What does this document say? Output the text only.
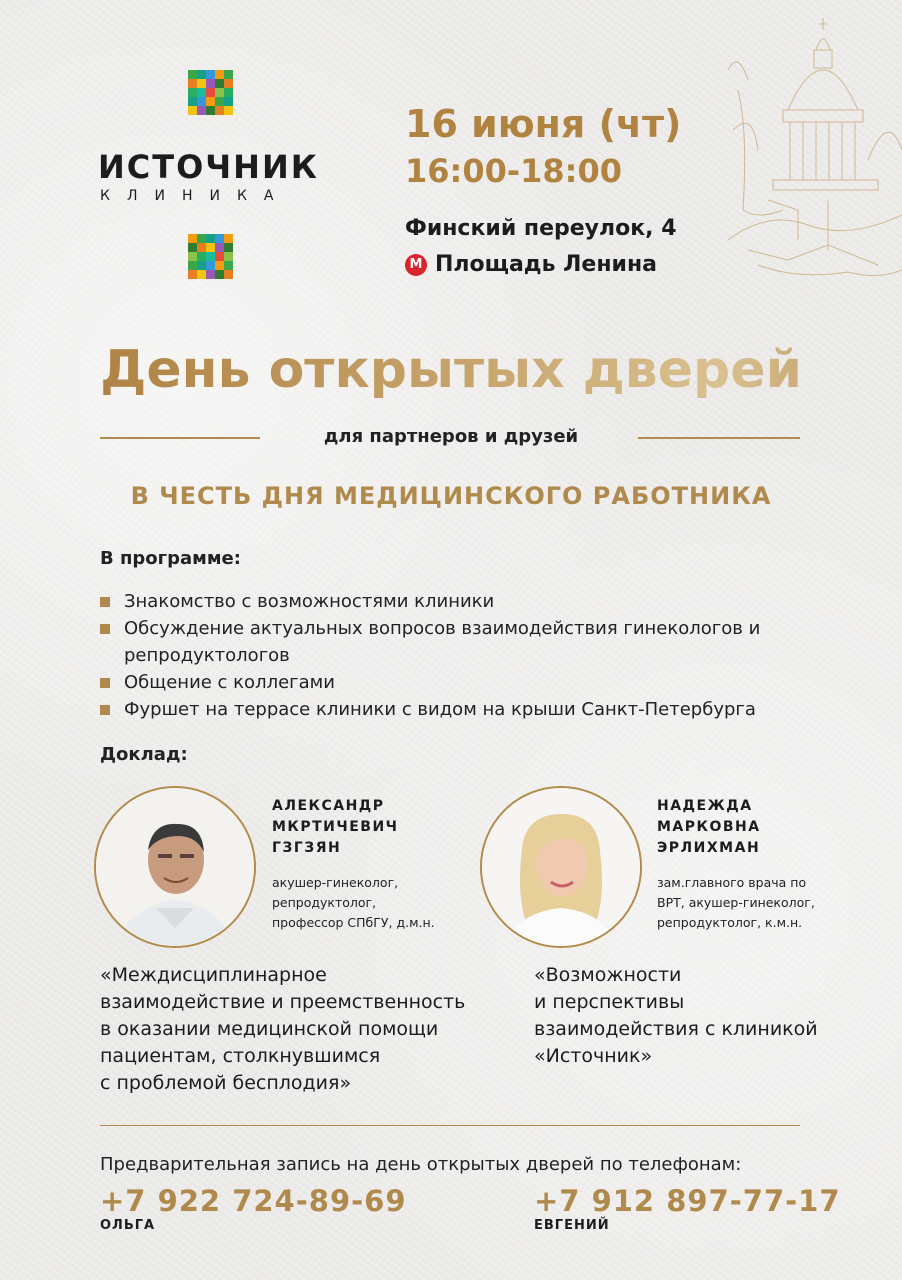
ИСТОЧНИК
КЛИНИКА
16 июня (чт)
16:00-18:00
Финский переулок, 4
М Площадь Ленина
День открытых дверей
для партнеров и друзей
В ЧЕСТЬ ДНЯ МЕДИЦИНСКОГО РАБОТНИКА
В программе:
Знакомство с возможностями клиники
Обсуждение актуальных вопросов взаимодействия гинекологов и репродуктологов
Общение с коллегами
Фуршет на террасе клиники с видом на крыши Санкт-Петербурга
Доклад:
АЛЕКСАНДР
МКРТИЧЕВИЧ
ГЗГЗЯН
акушер-гинеколог,
репродуктолог,
профессор СПбГУ, д.м.н.
«Междисциплинарное
взаимодействие и преемственность
в оказании медицинской помощи
пациентам, столкнувшимся
с проблемой бесплодия»
НАДЕЖДА
МАРКОВНА
ЭРЛИХМАН
зам.главного врача по
ВРТ, акушер-гинеколог,
репродуктолог, к.м.н.
«Возможности
и перспективы
взаимодействия с клиникой
«Источник»
Предварительная запись на день открытых дверей по телефонам:
+7 922 724-89-69
ОЛЬГА
+7 912 897-77-17
ЕВГЕНИЙ
